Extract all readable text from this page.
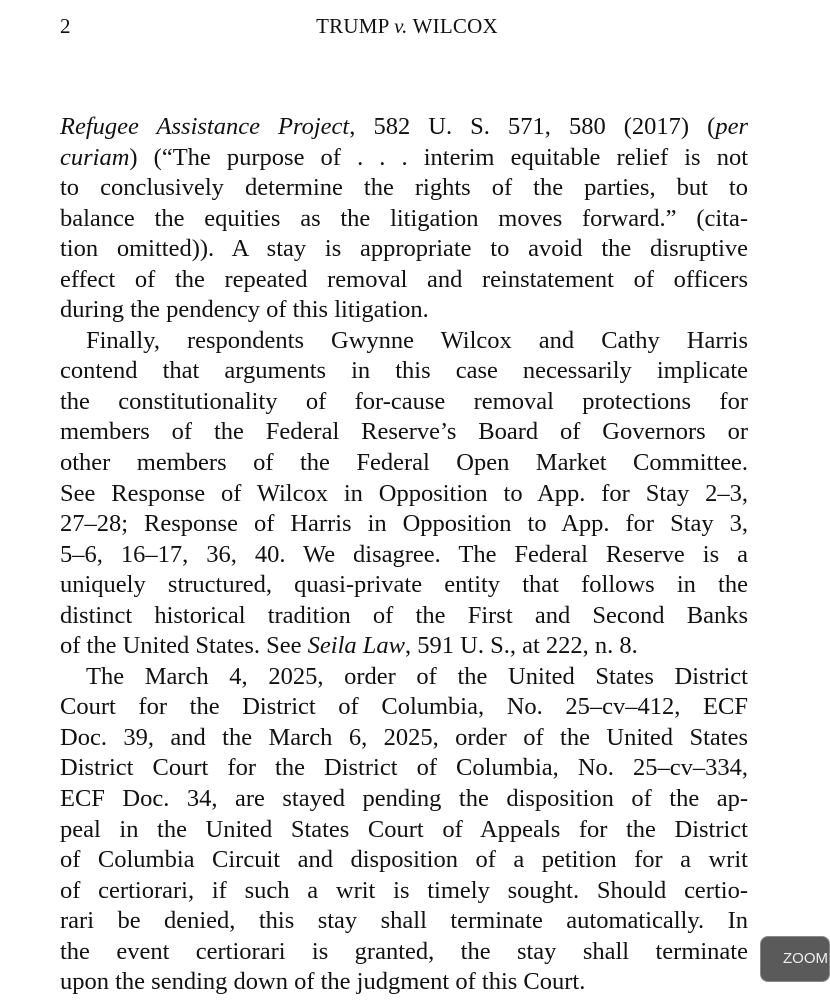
2	TRUMP v. WILCOX
Refugee Assistance Project, 582 U. S. 571, 580 (2017) (per
curiam) (“The purpose of . . . interim equitable relief is not
to conclusively determine the rights of the parties, but to
balance the equities as the litigation moves forward.” (cita-
tion omitted)). A stay is appropriate to avoid the disruptive
effect of the repeated removal and reinstatement of officers
during the pendency of this litigation.
Finally, respondents Gwynne Wilcox and Cathy Harris
contend that arguments in this case necessarily implicate
the constitutionality of for-cause removal protections for
members of the Federal Reserve’s Board of Governors or
other members of the Federal Open Market Committee.
See Response of Wilcox in Opposition to App. for Stay 2–3,
27–28; Response of Harris in Opposition to App. for Stay 3,
5–6, 16–17, 36, 40. We disagree. The Federal Reserve is a
uniquely structured, quasi-private entity that follows in the
distinct historical tradition of the First and Second Banks
of the United States. See Seila Law, 591 U. S., at 222, n. 8.
The March 4, 2025, order of the United States District
Court for the District of Columbia, No. 25–cv–412, ECF
Doc. 39, and the March 6, 2025, order of the United States
District Court for the District of Columbia, No. 25–cv–334,
ECF Doc. 34, are stayed pending the disposition of the ap-
peal in the United States Court of Appeals for the District
of Columbia Circuit and disposition of a petition for a writ
of certiorari, if such a writ is timely sought. Should certio-
rari be denied, this stay shall terminate automatically. In
the event certiorari is granted, the stay shall terminate
upon the sending down of the judgment of this Court.
ZOOM
